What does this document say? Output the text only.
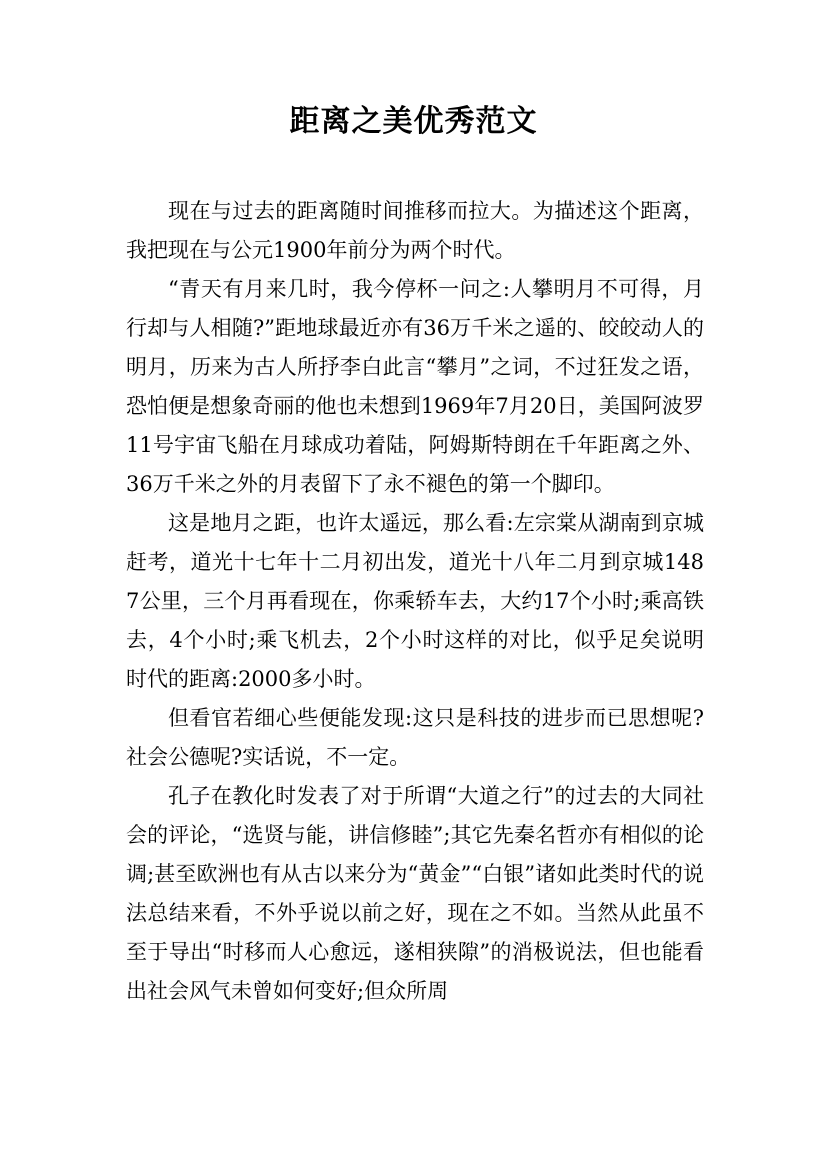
距离之美优秀范文

现在与过去的距离随时间推移而拉大。为描述这个距离，我把现在与公元1900年前分为两个时代。

“青天有月来几时，我今停杯一问之:人攀明月不可得，月行却与人相随?”距地球最近亦有36万千米之遥的、皎皎动人的明月，历来为古人所抒李白此言“攀月”之词，不过狂发之语，恐怕便是想象奇丽的他也未想到1969年7月20日，美国阿波罗11号宇宙飞船在月球成功着陆，阿姆斯特朗在千年距离之外、36万千米之外的月表留下了永不褪色的第一个脚印。

这是地月之距，也许太遥远，那么看:左宗棠从湖南到京城赶考，道光十七年十二月初出发，道光十八年二月到京城1487公里，三个月再看现在，你乘轿车去，大约17个小时;乘高铁去，4个小时;乘飞机去，2个小时这样的对比，似乎足矣说明时代的距离:2000多小时。

但看官若细心些便能发现:这只是科技的进步而已思想呢?社会公德呢?实话说，不一定。

孔子在教化时发表了对于所谓“大道之行”的过去的大同社会的评论，“选贤与能，讲信修睦”;其它先秦名哲亦有相似的论调;甚至欧洲也有从古以来分为“黄金”“白银”诸如此类时代的说法总结来看，不外乎说以前之好，现在之不如。当然从此虽不至于导出“时移而人心愈远，遂相狭隙”的消极说法，但也能看出社会风气未曾如何变好;但众所周
